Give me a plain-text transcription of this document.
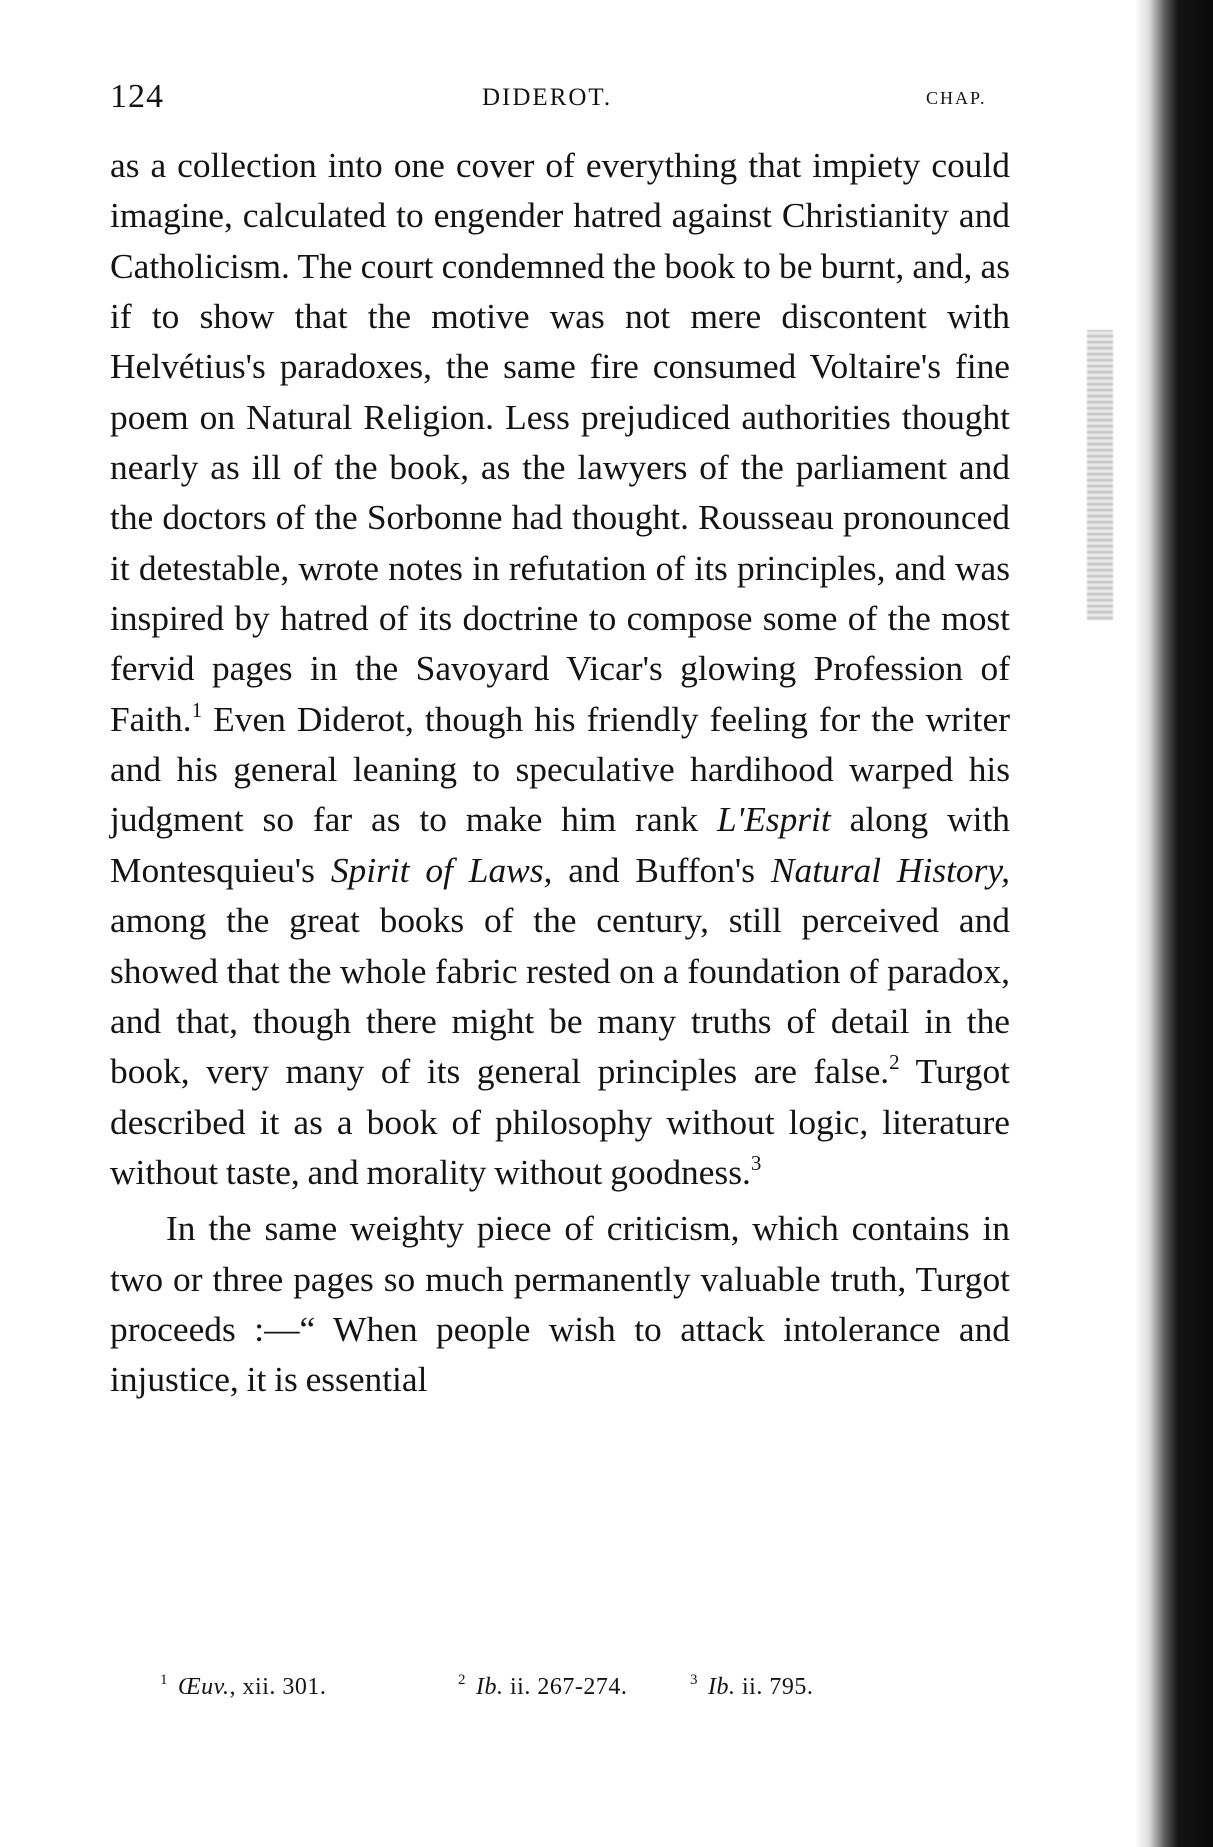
124	DIDEROT.	CHAP.

as a collection into one cover of everything that impiety could imagine, calculated to engender hatred against Christianity and Catholicism. The court condemned the book to be burnt, and, as if to show that the motive was not mere discontent with Helvétius's paradoxes, the same fire consumed Voltaire's fine poem on Natural Religion. Less prejudiced authorities thought nearly as ill of the book, as the lawyers of the parliament and the doctors of the Sorbonne had thought. Rousseau pronounced it detestable, wrote notes in refutation of its principles, and was inspired by hatred of its doctrine to compose some of the most fervid pages in the Savoyard Vicar's glowing Profession of Faith.$^1$ Even Diderot, though his friendly feeling for the writer and his general leaning to speculative hardihood warped his judgment so far as to make him rank L'Esprit along with Montesquieu's Spirit of Laws, and Buffon's Natural History, among the great books of the century, still perceived and showed that the whole fabric rested on a foundation of paradox, and that, though there might be many truths of detail in the book, very many of its general principles are false.$^2$ Turgot described it as a book of philosophy without logic, literature without taste, and morality without goodness.$^3$

In the same weighty piece of criticism, which contains in two or three pages so much permanently valuable truth, Turgot proceeds :—“ When people wish to attack intolerance and injustice, it is essential

$^1$ Œuv., xii. 301.	$^2$ Ib. ii. 267-274.	$^3$ Ib. ii. 795.
